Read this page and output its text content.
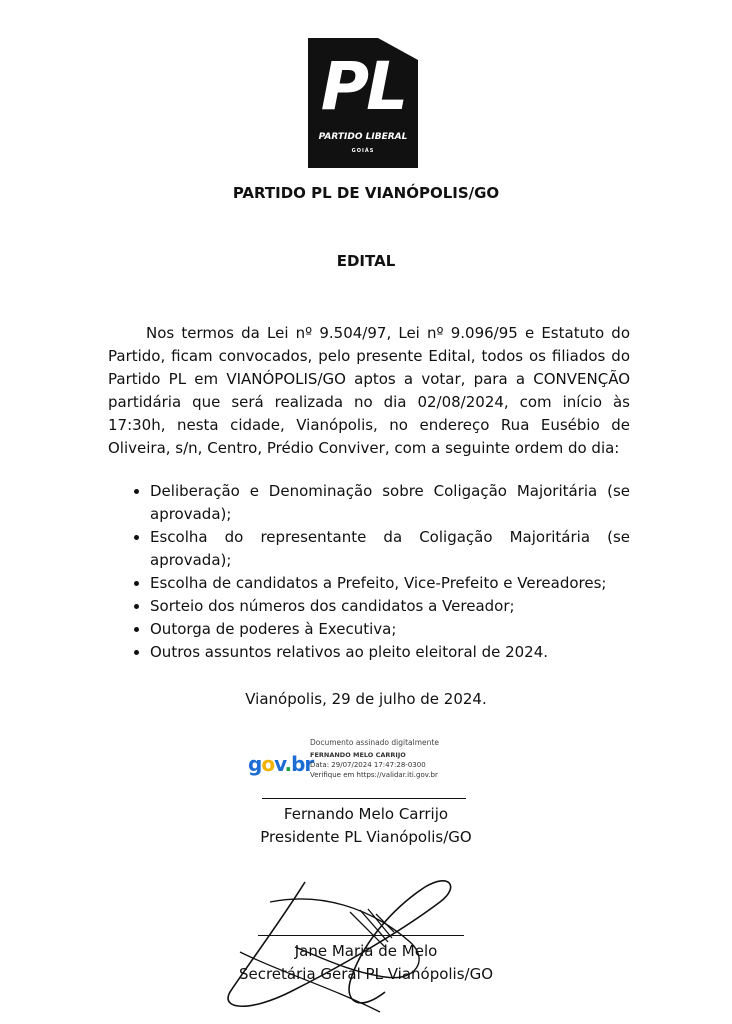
PL
PARTIDO LIBERAL
GOIÁS
PARTIDO PL DE VIANÓPOLIS/GO
EDITAL
Nos termos da Lei nº 9.504/97, Lei nº 9.096/95 e Estatuto do Partido, ficam convocados, pelo presente Edital, todos os filiados do Partido PL em VIANÓPOLIS/GO aptos a votar, para a CONVENÇÃO partidária que será realizada no dia 02/08/2024, com início às 17:30h, nesta cidade, Vianópolis, no endereço Rua Eusébio de Oliveira, s/n, Centro, Prédio Conviver, com a seguinte ordem do dia:
• Deliberação e Denominação sobre Coligação Majoritária (se aprovada);
• Escolha do representante da Coligação Majoritária (se aprovada);
• Escolha de candidatos a Prefeito, Vice-Prefeito e Vereadores;
• Sorteio dos números dos candidatos a Vereador;
• Outorga de poderes à Executiva;
• Outros assuntos relativos ao pleito eleitoral de 2024.
Vianópolis, 29 de julho de 2024.
gov.br
Documento assinado digitalmente
FERNANDO MELO CARRIJO
Data: 29/07/2024 17:47:28-0300
Verifique em https://validar.iti.gov.br
Fernando Melo Carrijo
Presidente PL Vianópolis/GO
Jane Maria de Melo
Secretária Geral PL Vianópolis/GO
